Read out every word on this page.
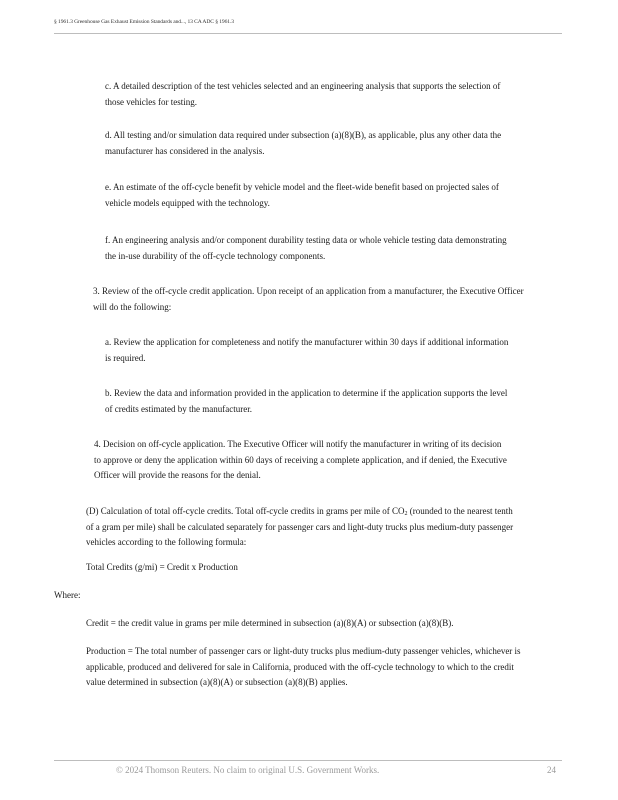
§ 1961.3 Greenhouse Gas Exhaust Emission Standards and..., 13 CA ADC § 1961.3
c. A detailed description of the test vehicles selected and an engineering analysis that supports the selection of
those vehicles for testing.
d. All testing and/or simulation data required under subsection (a)(8)(B), as applicable, plus any other data the
manufacturer has considered in the analysis.
e. An estimate of the off-cycle benefit by vehicle model and the fleet-wide benefit based on projected sales of
vehicle models equipped with the technology.
f. An engineering analysis and/or component durability testing data or whole vehicle testing data demonstrating
the in-use durability of the off-cycle technology components.
3. Review of the off-cycle credit application. Upon receipt of an application from a manufacturer, the Executive Officer
will do the following:
a. Review the application for completeness and notify the manufacturer within 30 days if additional information
is required.
b. Review the data and information provided in the application to determine if the application supports the level
of credits estimated by the manufacturer.
4. Decision on off-cycle application. The Executive Officer will notify the manufacturer in writing of its decision
to approve or deny the application within 60 days of receiving a complete application, and if denied, the Executive
Officer will provide the reasons for the denial.
(D) Calculation of total off-cycle credits. Total off-cycle credits in grams per mile of $CO_2$ (rounded to the nearest tenth
of a gram per mile) shall be calculated separately for passenger cars and light-duty trucks plus medium-duty passenger
vehicles according to the following formula:
Total Credits (g/mi) = Credit x Production
Where:
Credit = the credit value in grams per mile determined in subsection (a)(8)(A) or subsection (a)(8)(B).
Production = The total number of passenger cars or light-duty trucks plus medium-duty passenger vehicles, whichever is
applicable, produced and delivered for sale in California, produced with the off-cycle technology to which to the credit
value determined in subsection (a)(8)(A) or subsection (a)(8)(B) applies.
© 2024 Thomson Reuters. No claim to original U.S. Government Works.	24
